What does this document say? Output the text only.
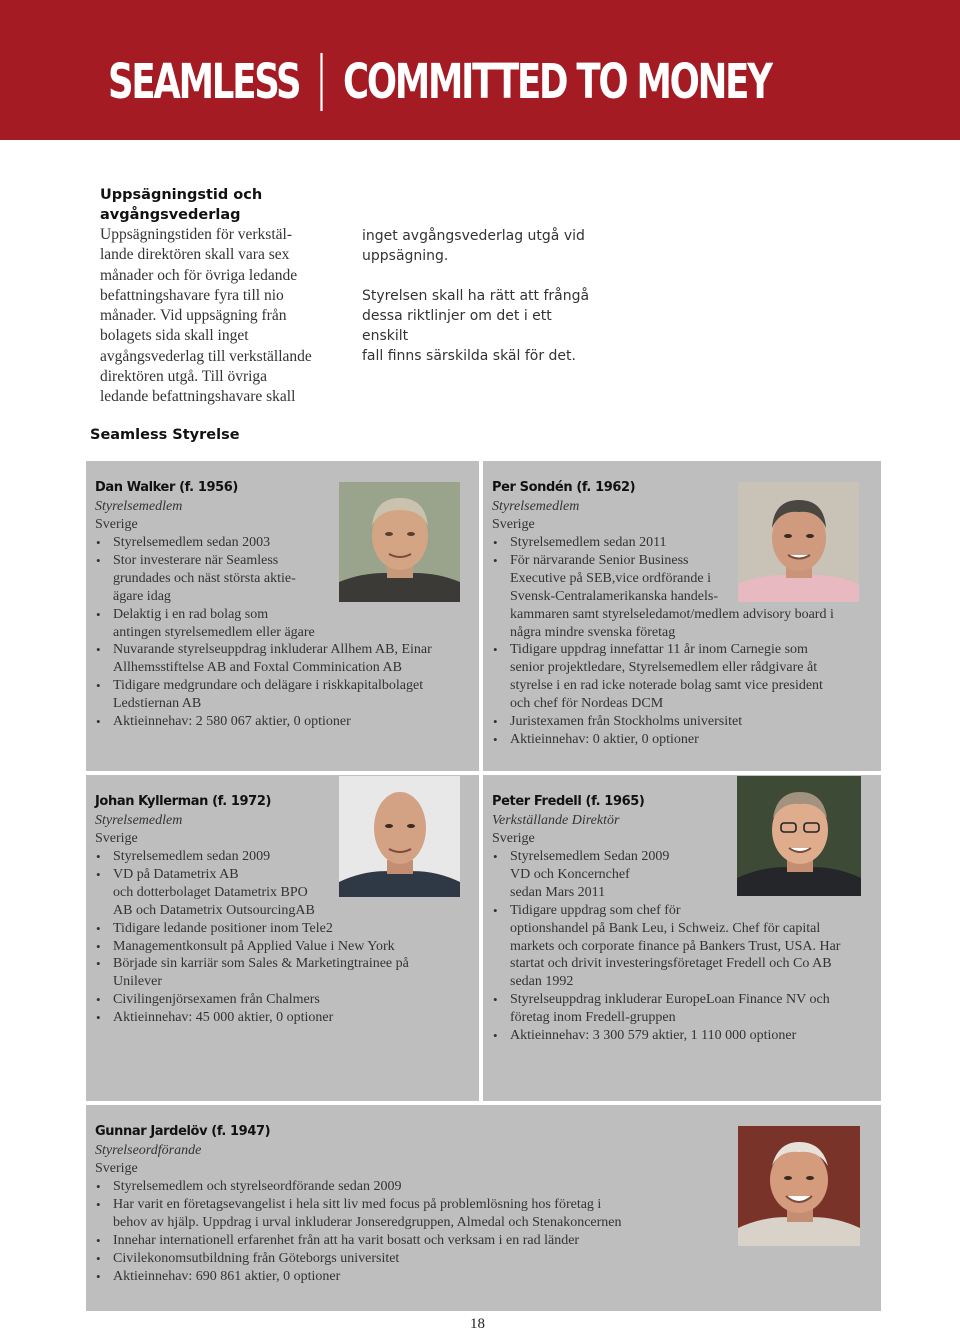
SEAMLESS COMMITTED TO MONEY
Uppsägningstid och
avgångsvederlag

Uppsägningstiden för verkstäl-
lande direktören skall vara sex
månader och för övriga ledande
befattningshavare fyra till nio
månader. Vid uppsägning från
bolagets sida skall inget
avgångsvederlag till verkställande
direktören utgå. Till övriga
ledande befattningshavare skall

inget avgångsvederlag utgå vid
uppsägning.

Styrelsen skall ha rätt att frångå
dessa riktlinjer om det i ett enskilt
fall finns särskilda skäl för det.

Seamless Styrelse
Dan Walker (f. 1956)
Styrelsemedlem
Sverige
• Styrelsemedlem sedan 2003
• Stor investerare när Seamless
grundades och näst största aktie-
ägare idag
• Delaktig i en rad bolag som
antingen styrelsemedlem eller ägare
• Nuvarande styrelseuppdrag inkluderar Allhem AB, Einar
Allhemsstiftelse AB and Foxtal Comminication AB
• Tidigare medgrundare och delägare i riskkapitalbolaget
Ledstiernan AB
• Aktieinnehav: 2 580 067 aktier, 0 optioner
Per Sondén (f. 1962)
Styrelsemedlem
Sverige
• Styrelsemedlem sedan 2011
• För närvarande Senior Business
Executive på SEB,vice ordförande i
Svensk-Centralamerikanska handels-
kammaren samt styrelseledamot/medlem advisory board i
några mindre svenska företag
• Tidigare uppdrag innefattar 11 år inom Carnegie som
senior projektledare, Styrelsemedlem eller rådgivare åt
styrelse i en rad icke noterade bolag samt vice president
och chef för Nordeas DCM
• Juristexamen från Stockholms universitet
• Aktieinnehav: 0 aktier, 0 optioner
Johan Kyllerman (f. 1972)
Styrelsemedlem
Sverige
• Styrelsemedlem sedan 2009
• VD på Datametrix AB
och dotterbolaget Datametrix BPO
AB och Datametrix OutsourcingAB
• Tidigare ledande positioner inom Tele2
• Managementkonsult på Applied Value i New York
• Började sin karriär som Sales & Marketingtrainee på
Unilever
• Civilingenjörsexamen från Chalmers
• Aktieinnehav: 45 000 aktier, 0 optioner
Peter Fredell (f. 1965)
Verkställande Direktör
Sverige
• Styrelsemedlem Sedan 2009
VD och Koncernchef
sedan Mars 2011
• Tidigare uppdrag som chef för
optionshandel på Bank Leu, i Schweiz. Chef för capital
markets och corporate finance på Bankers Trust, USA. Har
startat och drivit investeringsföretaget Fredell och Co AB
sedan 1992
• Styrelseuppdrag inkluderar EuropeLoan Finance NV och
företag inom Fredell-gruppen
• Aktieinnehav: 3 300 579 aktier, 1 110 000 optioner
Gunnar Jardelöv (f. 1947)
Styrelseordförande
Sverige
• Styrelsemedlem och styrelseordförande sedan 2009
• Har varit en företagsevangelist i hela sitt liv med focus på problemlösning hos företag i
behov av hjälp. Uppdrag i urval inkluderar Jonseredgruppen, Almedal och Stenakoncernen
• Innehar internationell erfarenhet från att ha varit bosatt och verksam i en rad länder
• Civilekonomsutbildning från Göteborgs universitet
• Aktieinnehav: 690 861 aktier, 0 optioner
18
